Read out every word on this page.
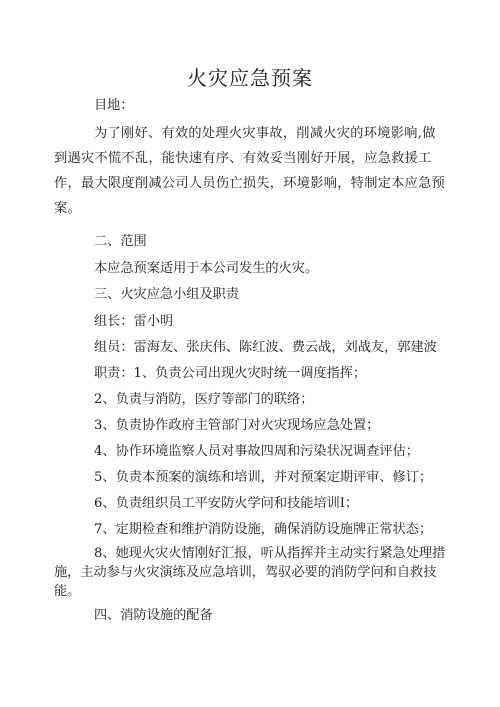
火灾应急预案
目地：
为了刚好、有效的处理火灾事故，削减火灾的环境影响,做到遇灾不慌不乱，能快速有序、有效妥当刚好开展，应急救援工作，最大限度削减公司人员伤亡损失，环境影响，特制定本应急预案。
二、范围
本应急预案适用于本公司发生的火灾。
三、火灾应急小组及职责
组长：雷小明
组员：雷海友、张庆伟、陈红波、费云战，刘战友，郭建波
职责：1、负责公司出现火灾时统一调度指挥；
2、负责与消防，医疗等部门的联络；
3、负责协作政府主管部门对火灾现场应急处置；
4、协作环境监察人员对事故四周和污染状况调查评估；
5、负责本预案的演练和培训，并对预案定期评审、修订；
6、负责组织员工平安防火学问和技能培训I；
7、定期检查和维护消防设施，确保消防设施牌正常状态；
8、她现火灾火情刚好汇报，听从指挥并主动实行紧急处理措施，主动参与火灾演练及应急培训，驾驭必要的消防学问和自救技能。
四、消防设施的配备
